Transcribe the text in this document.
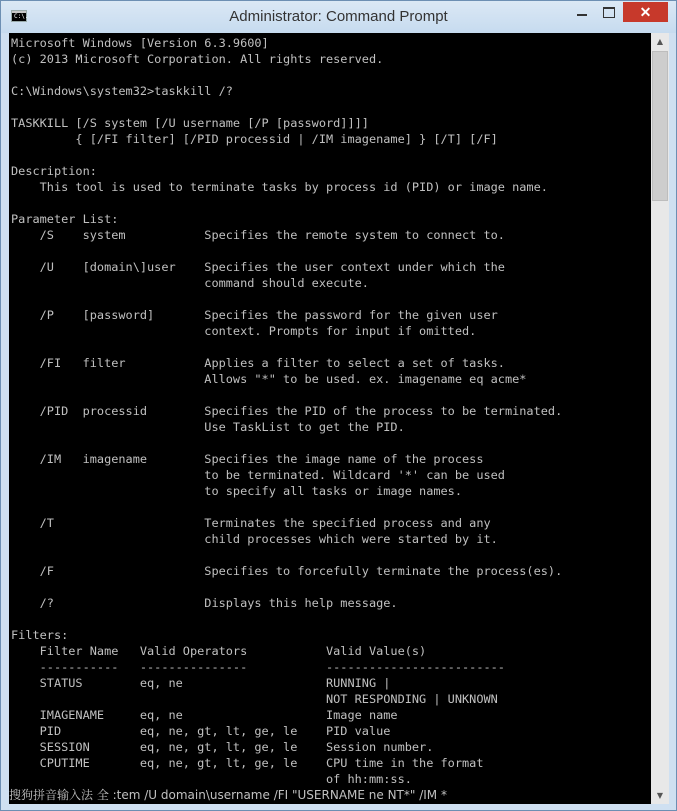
C:\.	Administrator: Command Prompt	✕
Microsoft Windows [Version 6.3.9600]
(c) 2013 Microsoft Corporation. All rights reserved.
C:\Windows\system32>taskkill /?
TASKKILL [/S system [/U username [/P [password]]]]
{ [/FI filter] [/PID processid | /IM imagename] } [/T] [/F]
Description:
This tool is used to terminate tasks by process id (PID) or image name.
Parameter List:
/S    system           Specifies the remote system to connect to.
/U    [domain\]user    Specifies the user context under which the
command should execute.
/P    [password]       Specifies the password for the given user
context. Prompts for input if omitted.
/FI   filter           Applies a filter to select a set of tasks.
Allows "*" to be used. ex. imagename eq acme*
/PID  processid        Specifies the PID of the process to be terminated.
Use TaskList to get the PID.
/IM   imagename        Specifies the image name of the process
to be terminated. Wildcard '*' can be used
to specify all tasks or image names.
/T                     Terminates the specified process and any
child processes which were started by it.
/F                     Specifies to forcefully terminate the process(es).
/?                     Displays this help message.
Filters:
Filter Name   Valid Operators           Valid Value(s)
-----------   ---------------           -------------------------
STATUS        eq, ne                    RUNNING |
NOT RESPONDING | UNKNOWN
IMAGENAME     eq, ne                    Image name
PID           eq, ne, gt, lt, ge, le    PID value
SESSION       eq, ne, gt, lt, ge, le    Session number.
CPUTIME       eq, ne, gt, lt, ge, le    CPU time in the format
of hh:mm:ss.
▲
▼
搜狗拼音输入法 全 :tem /U domain\username /FI "USERNAME ne NT*" /IM *
